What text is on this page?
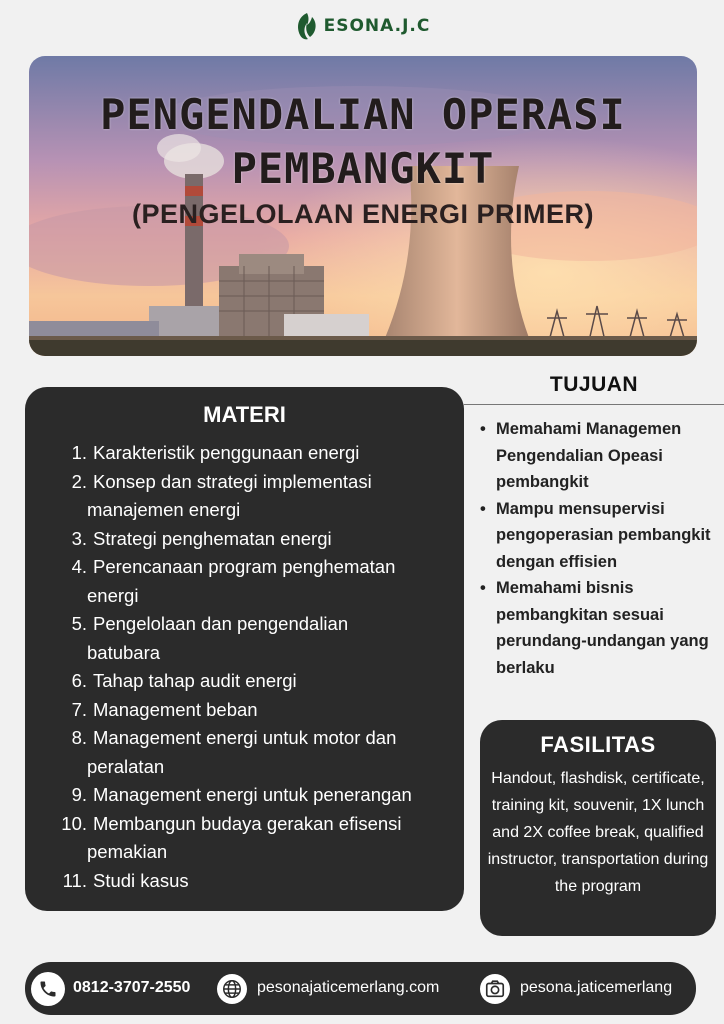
ESONA.J.C
PENGENDALIAN OPERASI
PEMBANGKIT
(PENGELOLAAN ENERGI PRIMER)
MATERI
1. Karakteristik penggunaan energi
2. Konsep dan strategi implementasi
manajemen energi
3. Strategi penghematan energi
4. Perencanaan program penghematan
energi
5. Pengelolaan dan pengendalian
batubara
6. Tahap tahap audit energi
7. Management beban
8. Management energi untuk motor dan
peralatan
9. Management energi untuk penerangan
10. Membangun budaya gerakan efisensi
pemakian
11. Studi kasus
TUJUAN
• Memahami Managemen Pengendalian Opeasi pembangkit
• Mampu mensupervisi pengoperasian pembangkit dengan effisien
• Memahami bisnis pembangkitan sesuai perundang-undangan yang berlaku
FASILITAS
Handout, flashdisk, certificate, training kit, souvenir, 1X lunch and 2X coffee break, qualified instructor, transportation during the program
0812-3707-2550	pesonajaticemerlang.com	pesona.jaticemerlang
